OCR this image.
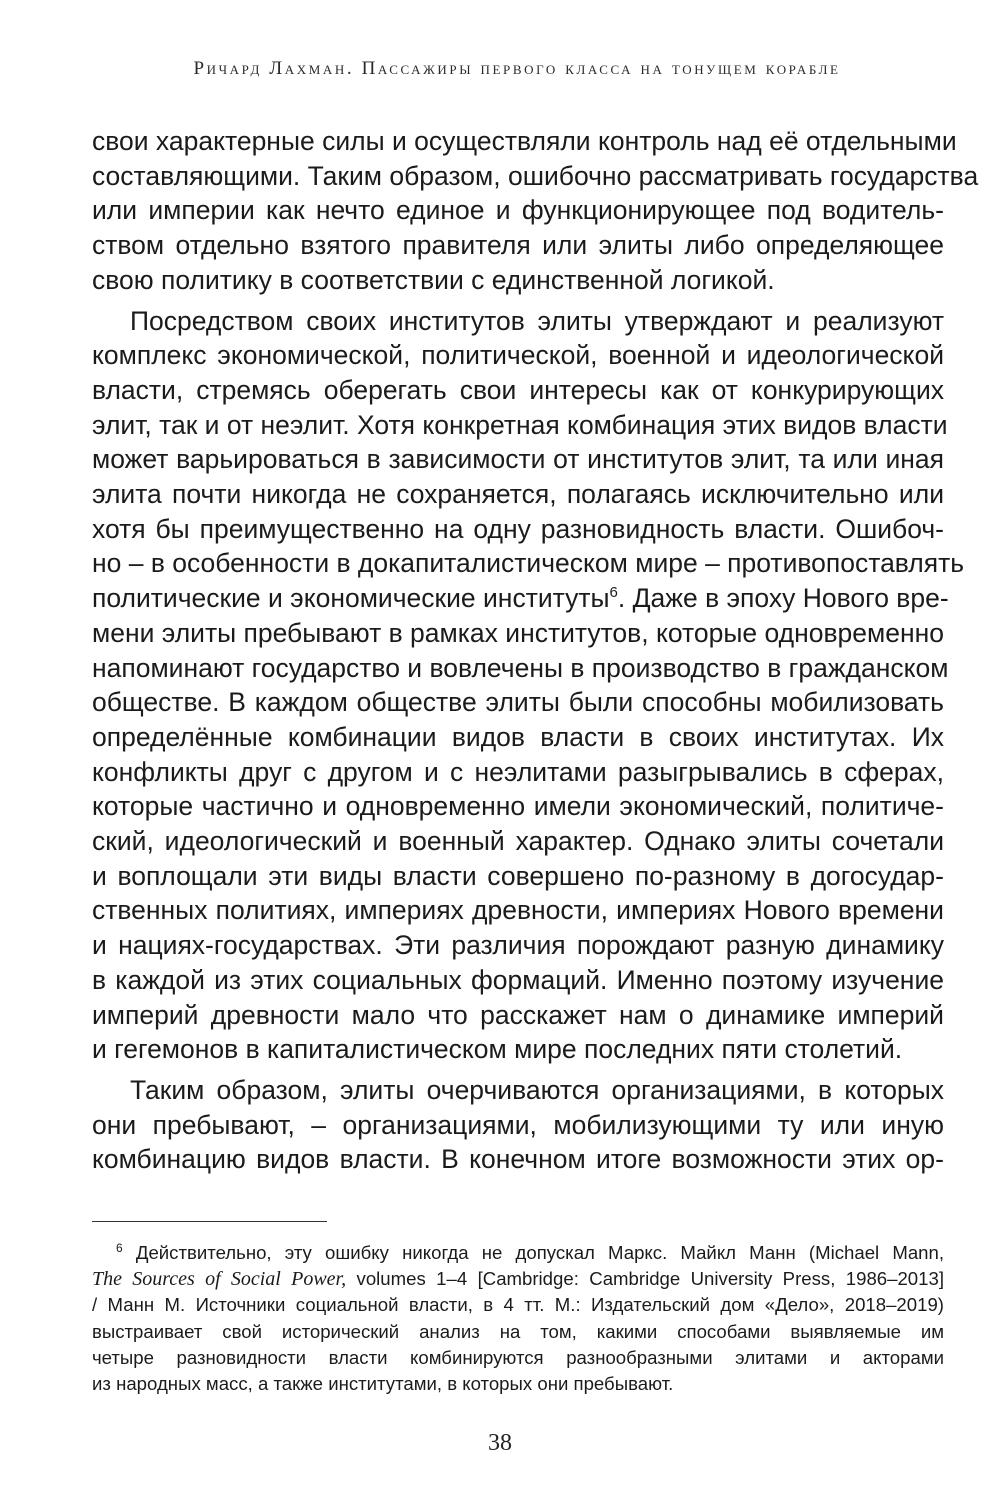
Ричард Лахман. Пассажиры первого класса на тонущем корабле

свои характерные силы и осуществляли контроль над её отдельными
составляющими. Таким образом, ошибочно рассматривать государства
или империи как нечто единое и функционирующее под водитель-
ством отдельно взятого правителя или элиты либо определяющее
свою политику в соответствии с единственной логикой.

Посредством своих институтов элиты утверждают и реализуют
комплекс экономической, политической, военной и идеологической
власти, стремясь оберегать свои интересы как от конкурирующих
элит, так и от неэлит. Хотя конкретная комбинация этих видов власти
может варьироваться в зависимости от институтов элит, та или иная
элита почти никогда не сохраняется, полагаясь исключительно или
хотя бы преимущественно на одну разновидность власти. Ошибоч-
но – в особенности в докапиталистическом мире – противопоставлять
политические и экономические институты$^6$. Даже в эпоху Нового вре-
мени элиты пребывают в рамках институтов, которые одновременно
напоминают государство и вовлечены в производство в гражданском
обществе. В каждом обществе элиты были способны мобилизовать
определённые комбинации видов власти в своих институтах. Их
конфликты друг с другом и с неэлитами разыгрывались в сферах,
которые частично и одновременно имели экономический, политиче-
ский, идеологический и военный характер. Однако элиты сочетали
и воплощали эти виды власти совершено по-разному в догосудар-
ственных политиях, империях древности, империях Нового времени
и нациях-государствах. Эти различия порождают разную динамику
в каждой из этих социальных формаций. Именно поэтому изучение
империй древности мало что расскажет нам о динамике империй
и гегемонов в капиталистическом мире последних пяти столетий.

Таким образом, элиты очерчиваются организациями, в которых
они пребывают, – организациями, мобилизующими ту или иную
комбинацию видов власти. В конечном итоге возможности этих ор-

$^6$ Действительно, эту ошибку никогда не допускал Маркс. Майкл Манн (Michael Mann,
The Sources of Social Power, volumes 1–4 [Cambridge: Cambridge University Press, 1986–2013]
/ Манн М. Источники социальной власти, в 4 тт. М.: Издательский дом «Дело», 2018–2019)
выстраивает свой исторический анализ на том, какими способами выявляемые им
четыре разновидности власти комбинируются разнообразными элитами и акторами
из народных масс, а также институтами, в которых они пребывают.
38
